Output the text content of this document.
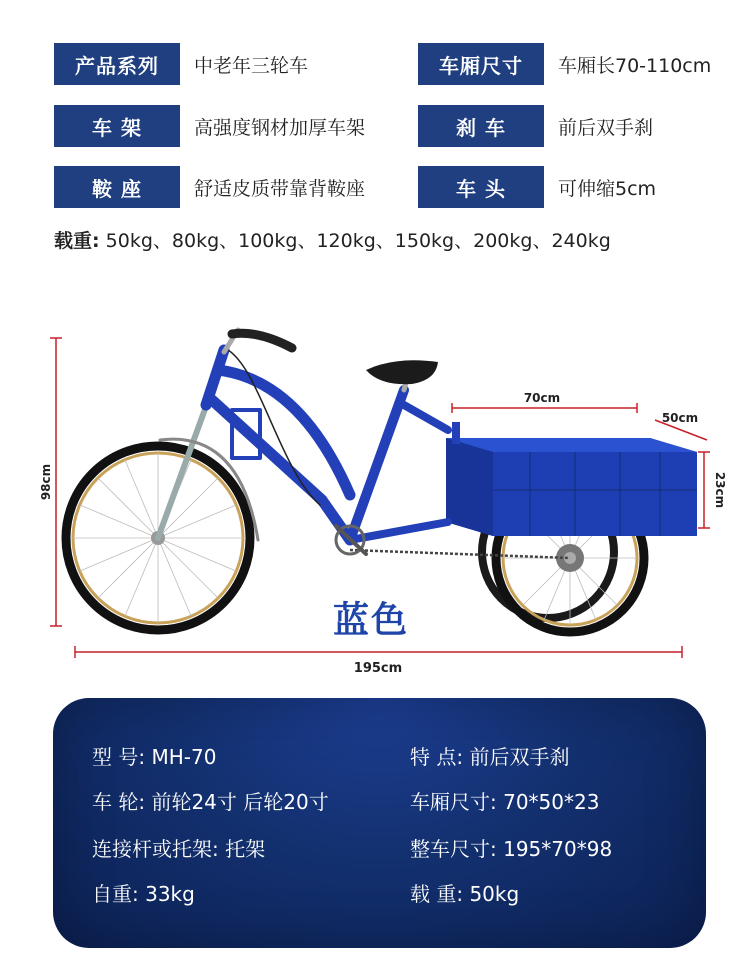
产品系列	中老年三轮车	车厢尺寸	车厢长70-110cm
车 架	高强度钢材加厚车架	刹 车	前后双手刹
鞍 座	舒适皮质带靠背鞍座	车 头	可伸缩5cm
载重: 50kg、80kg、100kg、120kg、150kg、200kg、240kg
98cm
70cm
50cm
23cm
195cm
蓝色
型 号: MH-70	特 点: 前后双手刹
车 轮: 前轮24寸 后轮20寸	车厢尺寸: 70*50*23
连接杆或托架: 托架	整车尺寸: 195*70*98
自重: 33kg	载 重: 50kg
